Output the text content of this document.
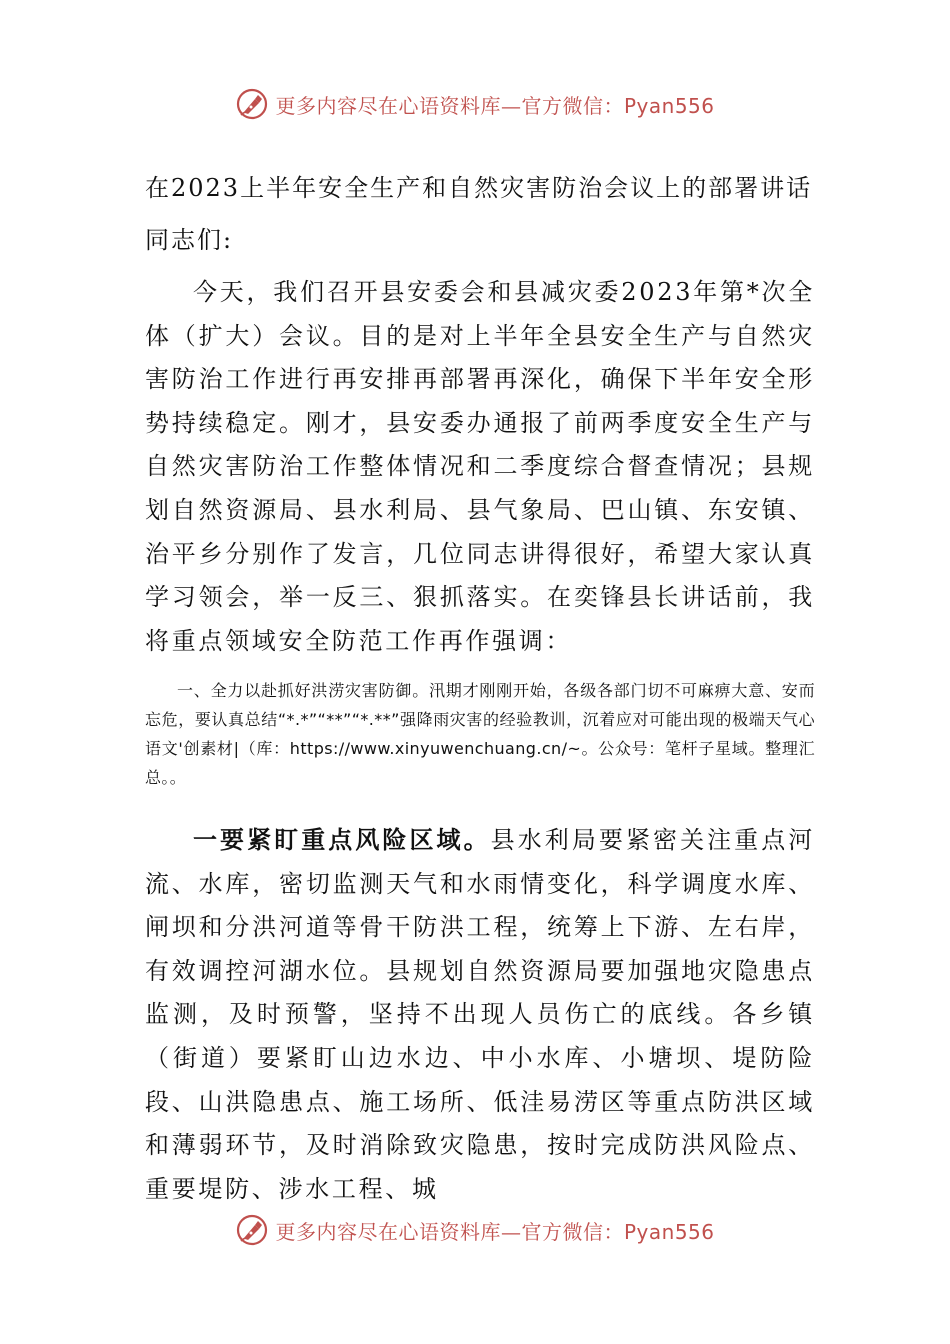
更多内容尽在心语资料库—官方微信：Pyan556
在2023上半年安全生产和自然灾害防治会议上的部署讲话
同志们:

今天，我们召开县安委会和县减灾委2023年第*次全体（扩大）会议。目的是对上半年全县安全生产与自然灾害防治工作进行再安排再部署再深化，确保下半年安全形势持续稳定。刚才，县安委办通报了前两季度安全生产与自然灾害防治工作整体情况和二季度综合督查情况；县规划自然资源局、县水利局、县气象局、巴山镇、东安镇、治平乡分别作了发言，几位同志讲得很好，希望大家认真学习领会，举一反三、狠抓落实。在奕锋县长讲话前，我将重点领域安全防范工作再作强调：

一、全力以赴抓好洪涝灾害防御。汛期才刚刚开始，各级各部门切不可麻痹大意、安而忘危，要认真总结“*.*”“**”“*.**”强降雨灾害的经验教训，沉着应对可能出现的极端天气心语文'创素材|（库：https://www.xinyuwenchuang.cn/~。公众号：笔杆子星域。整理汇总。。

一要紧盯重点风险区域。县水利局要紧密关注重点河流、水库，密切监测天气和水雨情变化，科学调度水库、闸坝和分洪河道等骨干防洪工程，统筹上下游、左右岸，有效调控河湖水位。县规划自然资源局要加强地灾隐患点监测，及时预警，坚持不出现人员伤亡的底线。各乡镇（街道）要紧盯山边水边、中小水库、小塘坝、堤防险段、山洪隐患点、施工场所、低洼易涝区等重点防洪区域和薄弱环节，及时消除致灾隐患，按时完成防洪风险点、重要堤防、涉水工程、城

更多内容尽在心语资料库—官方微信：Pyan556
